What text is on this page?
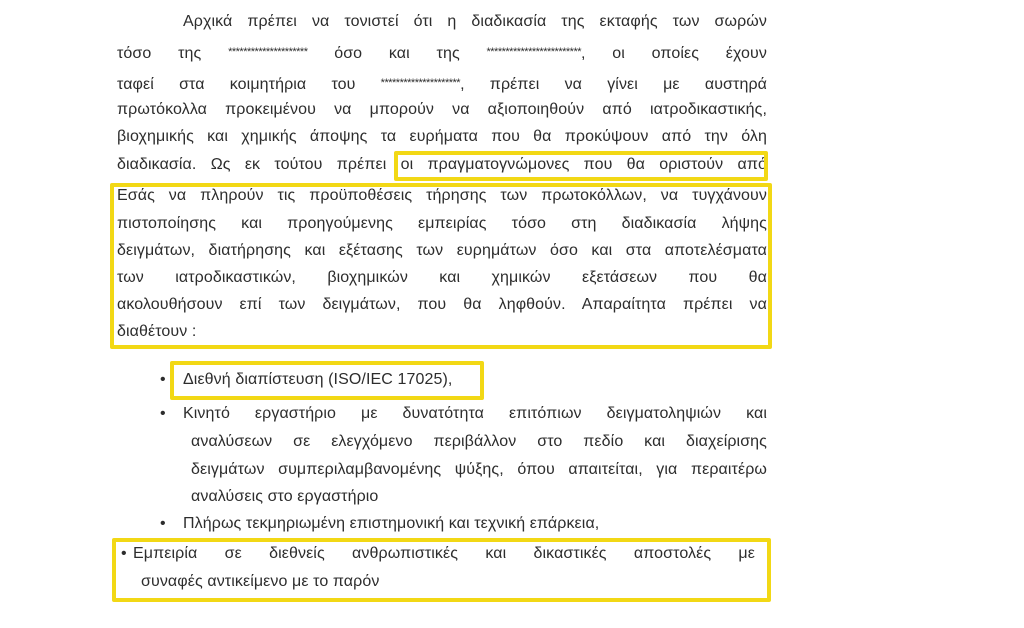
Αρχικά πρέπει να τονιστεί ότι η διαδικασία της εκταφής των σωρών
τόσο της ********************* όσο και της *************************, οι οποίες έχουν
ταφεί στα κοιμητήρια του *********************, πρέπει να γίνει με αυστηρά
πρωτόκολλα προκειμένου να μπορούν να αξιοποιηθούν από ιατροδικαστικής,
βιοχημικής και χημικής άποψης τα ευρήματα που θα προκύψουν από την όλη
διαδικασία. Ως εκ τούτου πρέπει οι πραγματογνώμονες που θα οριστούν από
Εσάς να πληρούν τις προϋποθέσεις τήρησης των πρωτοκόλλων, να τυγχάνουν
πιστοποίησης και προηγούμενης εμπειρίας τόσο στη διαδικασία λήψης
δειγμάτων, διατήρησης και εξέτασης των ευρημάτων όσο και στα αποτελέσματα
των ιατροδικαστικών, βιοχημικών και χημικών εξετάσεων που θα
ακολουθήσουν επί των δειγμάτων, που θα ληφθούν. Απαραίτητα πρέπει να
διαθέτουν :
•
•
•
•
Διεθνή διαπίστευση (ISO/IEC 17025),
Κινητό εργαστήριο με δυνατότητα επιτόπιων δειγματοληψιών και
αναλύσεων σε ελεγχόμενο περιβάλλον στο πεδίο και διαχείρισης
δειγμάτων συμπεριλαμβανομένης ψύξης, όπου απαιτείται, για περαιτέρω
αναλύσεις στο εργαστήριο
Πλήρως τεκμηριωμένη επιστημονική και τεχνική επάρκεια,
Εμπειρία σε διεθνείς ανθρωπιστικές και δικαστικές αποστολές με
συναφές αντικείμενο με το παρόν
